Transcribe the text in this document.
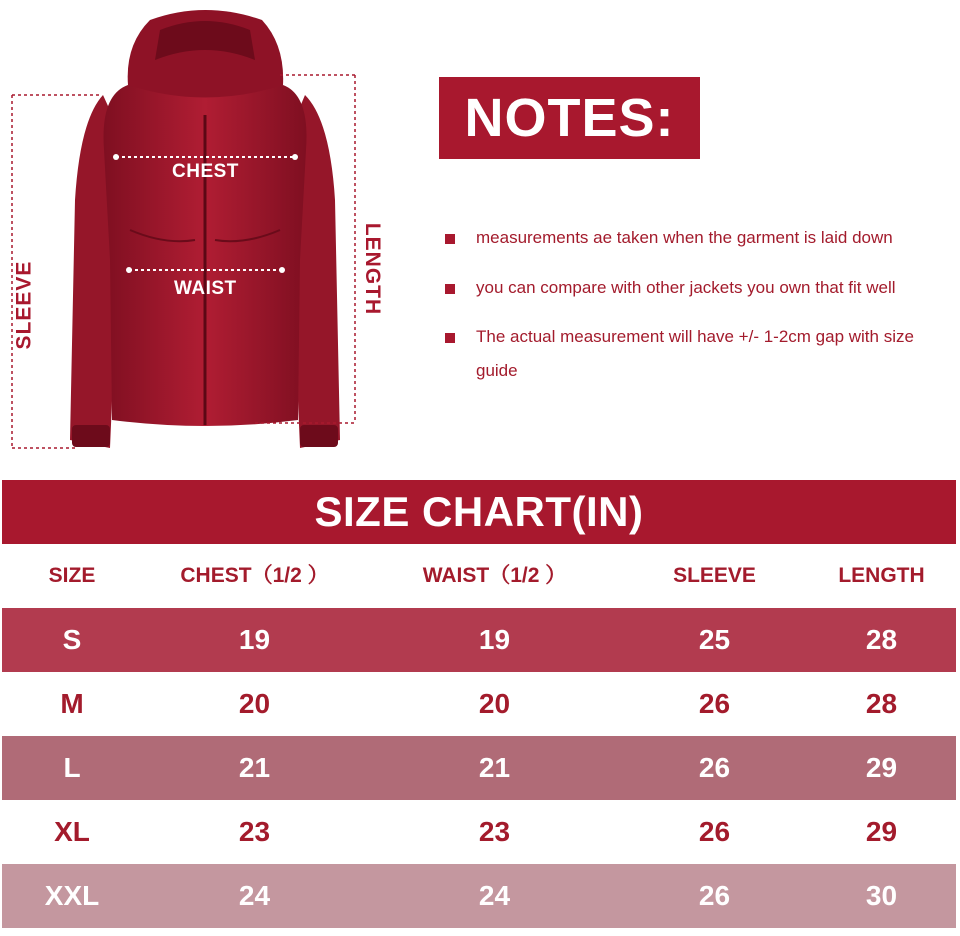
CHEST
WAIST
SLEEVE	LENGTH
NOTES:
measurements ae taken when the garment is laid down
you can compare with other jackets you own that fit well
The actual measurement will have +/- 1-2cm gap with size guide
SIZE CHART(IN)
SIZE	CHEST（1/2 ）	WAIST（1/2 ）	SLEEVE	LENGTH
S	19	19	25	28
M	20	20	26	28
L	21	21	26	29
XL	23	23	26	29
XXL	24	24	26	30
